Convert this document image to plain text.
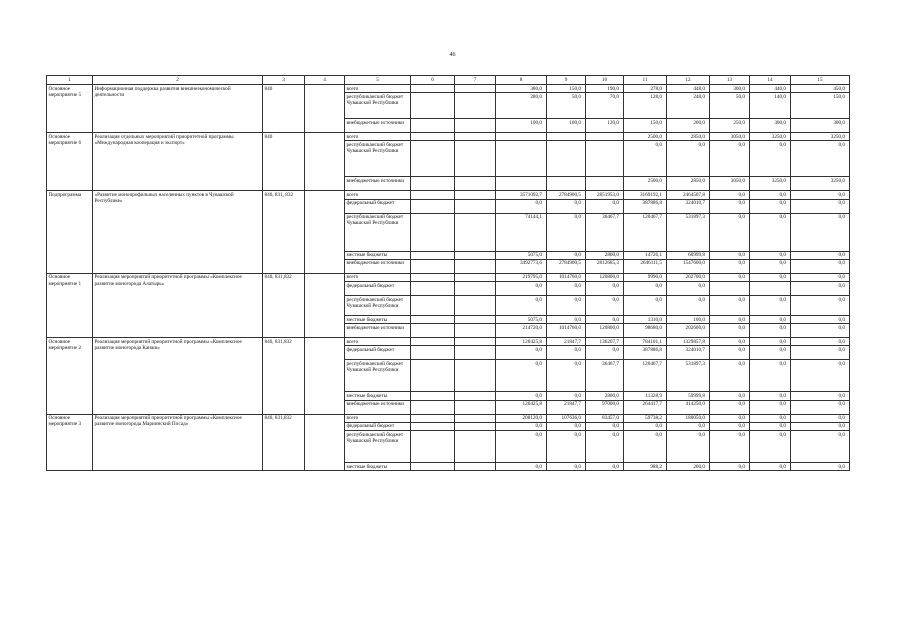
46
1	2	3	4	5	6	7	8	9	10	11	12	13	14	15
Основное мероприятие 5	Информационная поддержка развития внешнеэкономической деятельности	840		всего			380,0	150,0	190,0	278,0	448,0	300,0	440,0	450,0
				республиканский бюджет Чувашской Республики			280,0	50,0	70,0	128,0	248,0	50,0	140,0	150,0
				внебюджетные источники			100,0	100,0	120,0	150,0	200,0	250,0	300,0	300,0
Основное мероприятие 6	Реализация отдельных мероприятий приоритетной программы «Международная кооперация и экспорт»	840		всего						2500,0	2850,0	3050,0	3250,0	3250,0
				республиканский бюджет Чувашской Республики						0,0	0,0	0,0	0,0	0,0
				внебюджетные источники						2500,0	2850,0	3050,0	3250,0	3250,0
Подпрограмма	«Развитие монопрофильных населенных пунктов в Чувашской Республике»	840, 831, 832		всего			3571092,7	2784900,5	2851953,0	3169192,1	2464507,8	0,0	0,0	0,0
				федеральный бюджет			0,0	0,0	0,0	387886,8	324010,7	0,0	0,0	0,0
				республиканский бюджет Чувашской Республики			74144,1	0,0	36467,7	120467,7	531897,3	0,0	0,0	0,0
				местные бюджеты			5075,0	0,0	2800,0	14726,1	60999,8	0,0	0,0	0,0
				внебюджетные источники			3492773,6	2784900,5	2812685,3	2646111,5	1547600,0	0,0	0,0	0,0
Основное мероприятие 1	Реализация мероприятий приоритетной программы «Комплексное развитие моногорода Алатырь»	840, 831,832		всего			219795,0	1014760,0	120800,0	9990,0	202700,0	0,0	0,0	0,0
				федеральный бюджет			0,0	0,0	0,0	0,0	0,0			0,0
				республиканский бюджет Чувашской Республики			0,0	0,0	0,0	0,0	0,0	0,0	0,0	0,0
				местные бюджеты			5075,0	0,0	0,0	1310,0	100,0	0,0	0,0	0,0
				внебюджетные источники			214720,0	1014760,0	120800,0	98680,0	202600,0	0,0	0,0	0,0
Основное мероприятие 2	Реализация мероприятий приоритетной программы «Комплексное развитие моногорода Канаш»	840, 831,832		всего			120425,8	21847,7	136267,7	784101,1	1329857,8	0,0	0,0	0,0
				федеральный бюджет			0,0	0,0	0,0	387886,8	324010,7	0,0	0,0	0,0
				республиканский бюджет Чувашской Республики			0,0	0,0	36467,7	120467,7	531897,3	0,0	0,0	0,0
				местные бюджеты			0,0	0,0	2800,0	11328,9	59999,8	0,0	0,0	0,0
				внебюджетные источники			120425,8	21847,7	97000,0	264417,7	414250,0	0,0	0,0	0,0
Основное мероприятие 3	Реализация мероприятий приоритетной программы «Комплексное развитие моногорода Мариинский Посад»	840, 831,832		всего			208120,0	107636,0	83457,0	59738,2	180050,0	0,0	0,0	0,0
				федеральный бюджет			0,0	0,0	0,0	0,0	0,0	0,0	0,0	0,0
				республиканский бюджет Чувашской Республики			0,0	0,0	0,0	0,0	0,0	0,0	0,0	0,0
				местные бюджеты			0,0	0,0	0,0	988,2	200,0	0,0	0,0	0,0
